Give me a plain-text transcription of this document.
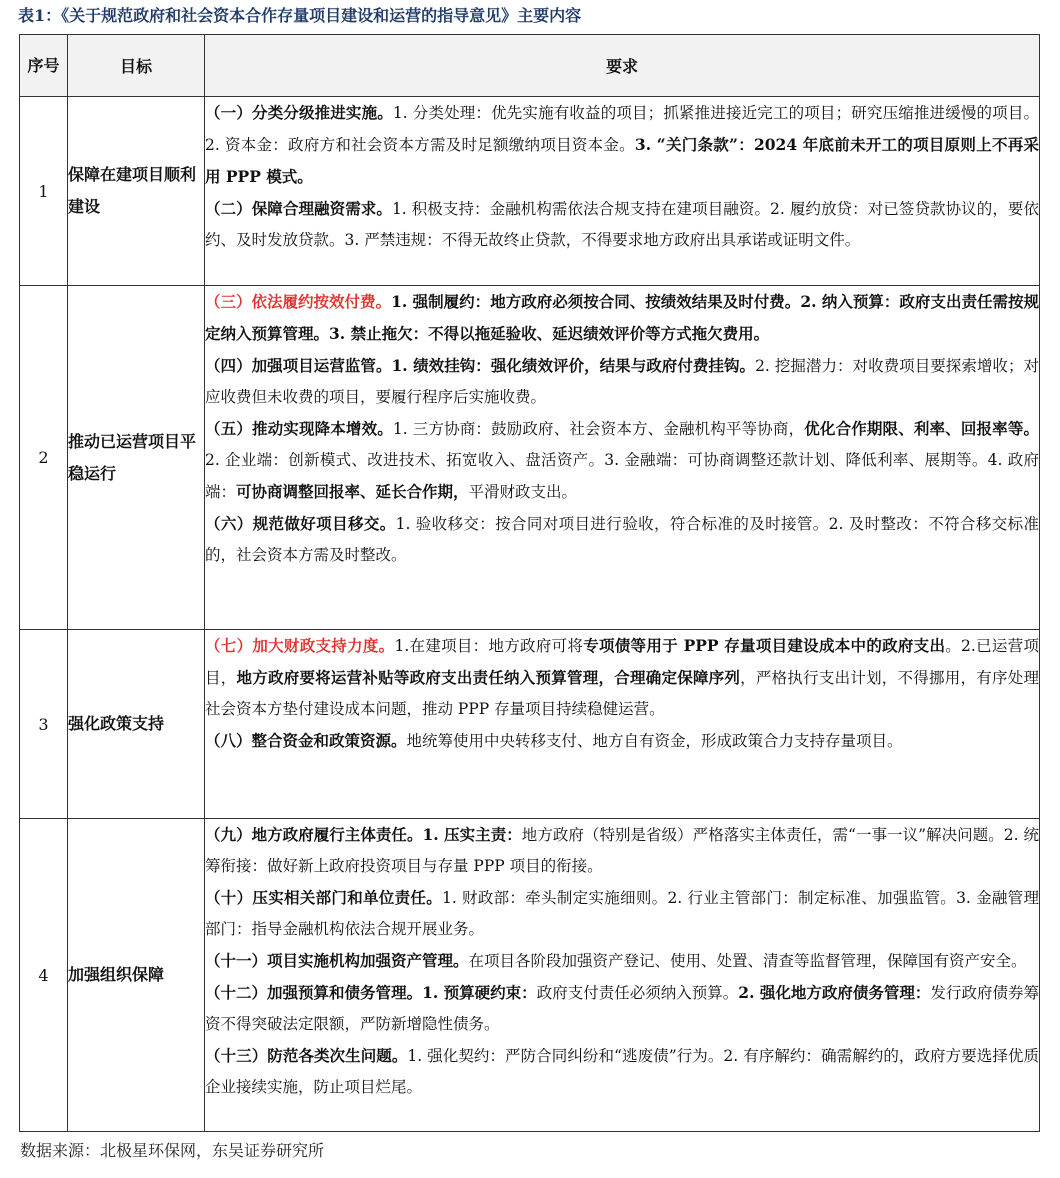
表1：《关于规范政府和社会资本合作存量项目建设和运营的指导意见》主要内容
序号	目标	要求
1	保障在建项目顺利建设	（一）分类分级推进实施。1. 分类处理：优先实施有收益的项目；抓紧推进接近完工的项目；研究压缩推进缓慢的项目。2. 资本金：政府方和社会资本方需及时足额缴纳项目资本金。3. “关门条款”：2024 年底前未开工的项目原则上不再采用 PPP 模式。

（二）保障合理融资需求。1. 积极支持：金融机构需依法合规支持在建项目融资。2. 履约放贷：对已签贷款协议的，要依约、及时发放贷款。3. 严禁违规：不得无故终止贷款，不得要求地方政府出具承诺或证明文件。

2	推动已运营项目平稳运行	（三）依法履约按效付费。1. 强制履约：地方政府必须按合同、按绩效结果及时付费。2. 纳入预算：政府支出责任需按规定纳入预算管理。3. 禁止拖欠：不得以拖延验收、延迟绩效评价等方式拖欠费用。

（四）加强项目运营监管。1. 绩效挂钩：强化绩效评价，结果与政府付费挂钩。2. 挖掘潜力：对收费项目要探索增收；对应收费但未收费的项目，要履行程序后实施收费。

（五）推动实现降本增效。1. 三方协商：鼓励政府、社会资本方、金融机构平等协商，优化合作期限、利率、回报率等。2. 企业端：创新模式、改进技术、拓宽收入、盘活资产。3. 金融端：可协商调整还款计划、降低利率、展期等。4. 政府端：可协商调整回报率、延长合作期，平滑财政支出。

（六）规范做好项目移交。1. 验收移交：按合同对项目进行验收，符合标准的及时接管。2. 及时整改：不符合移交标准的，社会资本方需及时整改。

3	强化政策支持	（七）加大财政支持力度。1.在建项目：地方政府可将专项债等用于 PPP 存量项目建设成本中的政府支出。2.已运营项目，地方政府要将运营补贴等政府支出责任纳入预算管理，合理确定保障序列，严格执行支出计划，不得挪用，有序处理社会资本方垫付建设成本问题，推动 PPP 存量项目持续稳健运营。

（八）整合资金和政策资源。地统筹使用中央转移支付、地方自有资金，形成政策合力支持存量项目。

4	加强组织保障	（九）地方政府履行主体责任。1. 压实主责：地方政府（特别是省级）严格落实主体责任，需“一事一议”解决问题。2. 统筹衔接：做好新上政府投资项目与存量 PPP 项目的衔接。

（十）压实相关部门和单位责任。1. 财政部：牵头制定实施细则。2. 行业主管部门：制定标准、加强监管。3. 金融管理部门：指导金融机构依法合规开展业务。

（十一）项目实施机构加强资产管理。在项目各阶段加强资产登记、使用、处置、清查等监督管理，保障国有资产安全。

（十二）加强预算和债务管理。1. 预算硬约束：政府支付责任必须纳入预算。2. 强化地方政府债务管理：发行政府债券筹资不得突破法定限额，严防新增隐性债务。

（十三）防范各类次生问题。1. 强化契约：严防合同纠纷和“逃废债”行为。2. 有序解约：确需解约的，政府方要选择优质企业接续实施，防止项目烂尾。

数据来源：北极星环保网，东吴证券研究所
